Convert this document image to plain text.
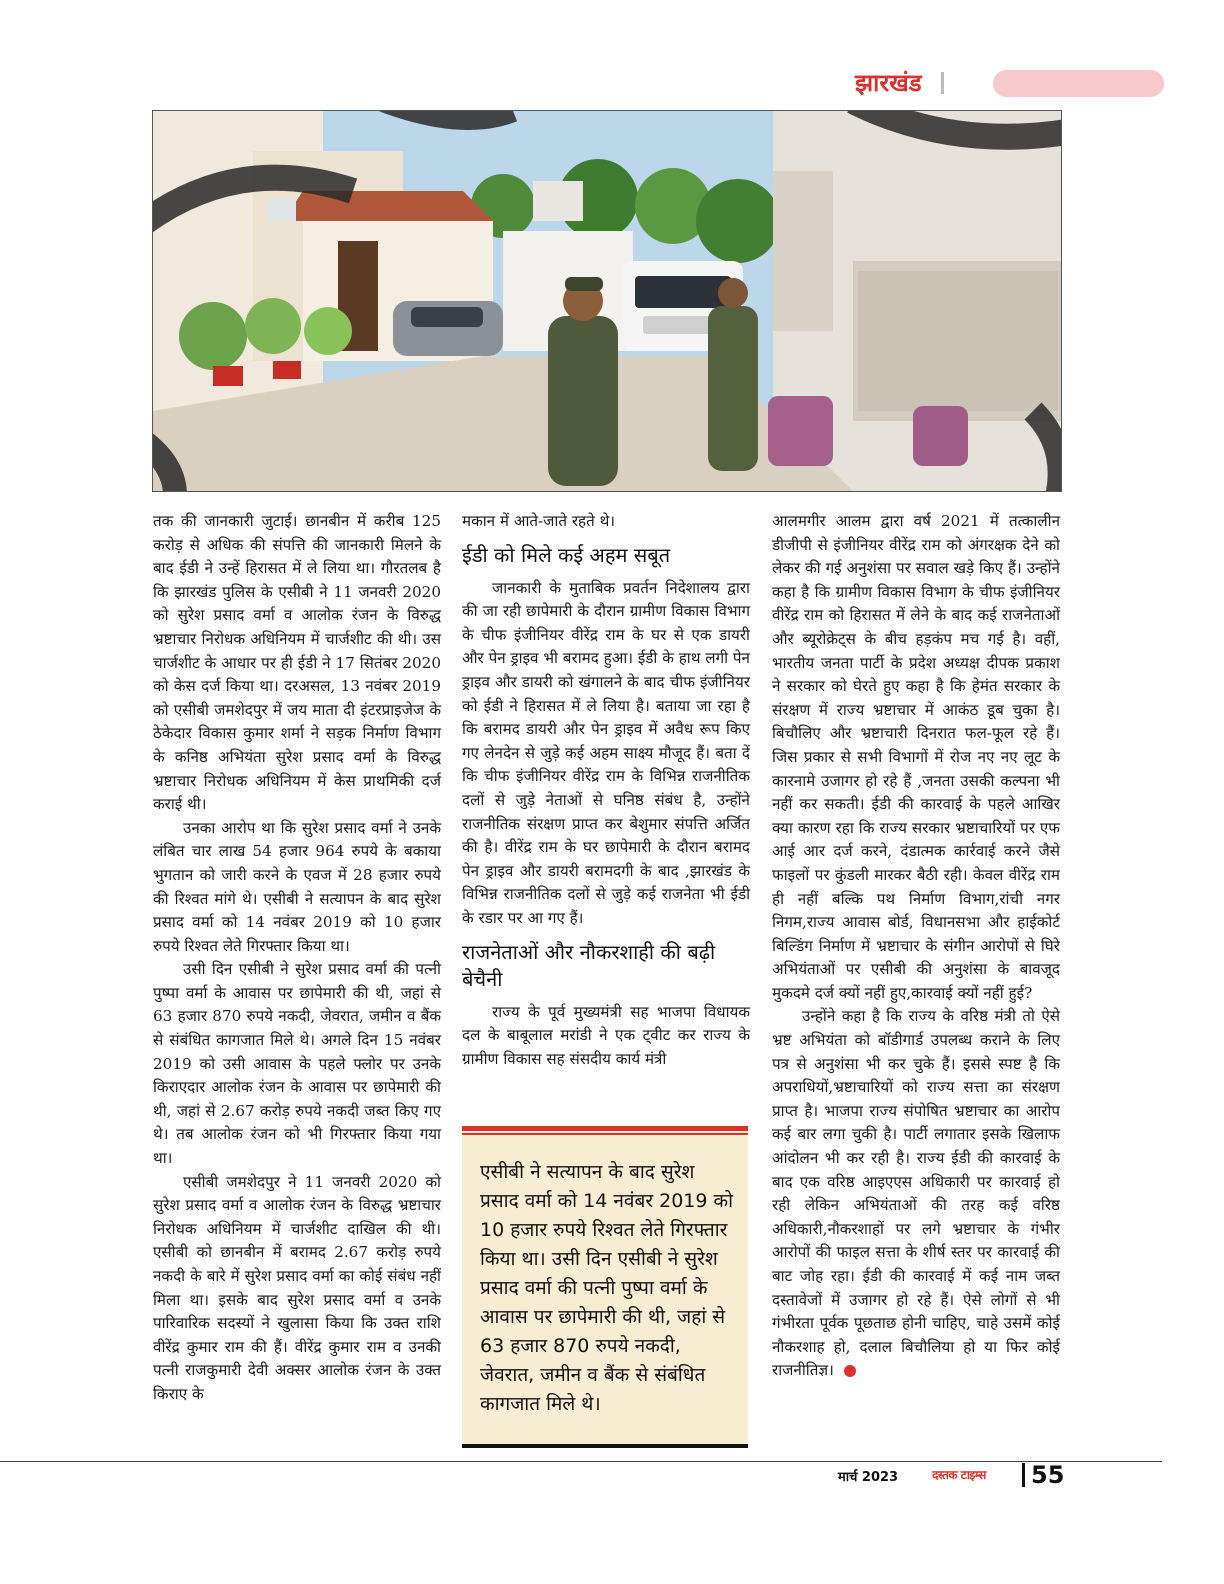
झारखंड

तक की जानकारी जुटाई। छानबीन में करीब 125 करोड़ से अधिक की संपत्ति की जानकारी मिलने के बाद ईडी ने उन्हें हिरासत में ले लिया था। गौरतलब है कि झारखंड पुलिस के एसीबी ने 11 जनवरी 2020 को सुरेश प्रसाद वर्मा व आलोक रंजन के विरुद्ध भ्रष्टाचार निरोधक अधिनियम में चार्जशीट की थी। उस चार्जशीट के आधार पर ही ईडी ने 17 सितंबर 2020 को केस दर्ज किया था। दरअसल, 13 नवंबर 2019 को एसीबी जमशेदपुर में जय माता दी इंटरप्राइजेज के ठेकेदार विकास कुमार शर्मा ने सड़क निर्माण विभाग के कनिष्ठ अभियंता सुरेश प्रसाद वर्मा के विरुद्ध भ्रष्टाचार निरोधक अधिनियम में केस प्राथमिकी दर्ज कराई थी।

उनका आरोप था कि सुरेश प्रसाद वर्मा ने उनके लंबित चार लाख 54 हजार 964 रुपये के बकाया भुगतान को जारी करने के एवज में 28 हजार रुपये की रिश्वत मांगे थे। एसीबी ने सत्यापन के बाद सुरेश प्रसाद वर्मा को 14 नवंबर 2019 को 10 हजार रुपये रिश्वत लेते गिरफ्तार किया था।

उसी दिन एसीबी ने सुरेश प्रसाद वर्मा की पत्नी पुष्पा वर्मा के आवास पर छापेमारी की थी, जहां से 63 हजार 870 रुपये नकदी, जेवरात, जमीन व बैंक से संबंधित कागजात मिले थे। अगले दिन 15 नवंबर 2019 को उसी आवास के पहले फ्लोर पर उनके किराएदार आलोक रंजन के आवास पर छापेमारी की थी, जहां से 2.67 करोड़ रुपये नकदी जब्त किए गए थे। तब आलोक रंजन को भी गिरफ्तार किया गया था।

एसीबी जमशेदपुर ने 11 जनवरी 2020 को सुरेश प्रसाद वर्मा व आलोक रंजन के विरुद्ध भ्रष्टाचार निरोधक अधिनियम में चार्जशीट दाखिल की थी। एसीबी को छानबीन में बरामद 2.67 करोड़ रुपये नकदी के बारे में सुरेश प्रसाद वर्मा का कोई संबंध नहीं मिला था। इसके बाद सुरेश प्रसाद वर्मा व उनके पारिवारिक सदस्यों ने खुलासा किया कि उक्त राशि वीरेंद्र कुमार राम की हैं। वीरेंद्र कुमार राम व उनकी पत्नी राजकुमारी देवी अक्सर आलोक रंजन के उक्त किराए के

मकान में आते-जाते रहते थे।

ईडी को मिले कई अहम सबूत

जानकारी के मुताबिक प्रवर्तन निदेशालय द्वारा की जा रही छापेमारी के दौरान ग्रामीण विकास विभाग के चीफ इंजीनियर वीरेंद्र राम के घर से एक डायरी और पेन ड्राइव भी बरामद हुआ। ईडी के हाथ लगी पेन ड्राइव और डायरी को खंगालने के बाद चीफ इंजीनियर को ईडी ने हिरासत में ले लिया है। बताया जा रहा है कि बरामद डायरी और पेन ड्राइव में अवैध रूप किए गए लेनदेन से जुड़े कई अहम साक्ष्य मौजूद हैं। बता दें कि चीफ इंजीनियर वीरेंद्र राम के विभिन्न राजनीतिक दलों से जुड़े नेताओं से घनिष्ठ संबंध है, उन्होंने राजनीतिक संरक्षण प्राप्त कर बेशुमार संपत्ति अर्जित की है। वीरेंद्र राम के घर छापेमारी के दौरान बरामद पेन ड्राइव और डायरी बरामदगी के बाद ,झारखंड के विभिन्न राजनीतिक दलों से जुड़े कई राजनेता भी ईडी के रडार पर आ गए हैं।

राजनेताओं और नौकरशाही की बढ़ी बेचैनी

राज्य के पूर्व मुख्यमंत्री सह भाजपा विधायक दल के बाबूलाल मरांडी ने एक ट्वीट कर राज्य के ग्रामीण विकास सह संसदीय कार्य मंत्री

एसीबी ने सत्यापन के बाद सुरेश प्रसाद वर्मा को 14 नवंबर 2019 को 10 हजार रुपये रिश्वत लेते गिरफ्तार किया था। उसी दिन एसीबी ने सुरेश प्रसाद वर्मा की पत्नी पुष्पा वर्मा के आवास पर छापेमारी की थी, जहां से 63 हजार 870 रुपये नकदी, जेवरात, जमीन व बैंक से संबंधित कागजात मिले थे।

आलमगीर आलम द्वारा वर्ष 2021 में तत्कालीन डीजीपी से इंजीनियर वीरेंद्र राम को अंगरक्षक देने को लेकर की गई अनुशंसा पर सवाल खड़े किए हैं। उन्होंने कहा है कि ग्रामीण विकास विभाग के चीफ इंजीनियर वीरेंद्र राम को हिरासत में लेने के बाद कई राजनेताओं और ब्यूरोक्रेट्स के बीच हड़कंप मच गई है। वहीं, भारतीय जनता पार्टी के प्रदेश अध्यक्ष दीपक प्रकाश ने सरकार को घेरते हुए कहा है कि हेमंत सरकार के संरक्षण में राज्य भ्रष्टाचार में आकंठ डूब चुका है। बिचौलिए और भ्रष्टाचारी दिनरात फल-फूल रहे हैं। जिस प्रकार से सभी विभागों में रोज नए नए लूट के कारनामे उजागर हो रहे हैं ,जनता उसकी कल्पना भी नहीं कर सकती। ईडी की कारवाई के पहले आखिर क्या कारण रहा कि राज्य सरकार भ्रष्टाचारियों पर एफ आई आर दर्ज करने, दंडात्मक कार्रवाई करने जैसे फाइलों पर कुंडली मारकर बैठी रही। केवल वीरेंद्र राम ही नहीं बल्कि पथ निर्माण विभाग,रांची नगर निगम,राज्य आवास बोर्ड, विधानसभा और हाईकोर्ट बिल्डिंग निर्माण में भ्रष्टाचार के संगीन आरोपों से घिरे अभियंताओं पर एसीबी की अनुशंसा के बावजूद मुकदमे दर्ज क्यों नहीं हुए,कारवाई क्यों नहीं हुई?

उन्होंने कहा है कि राज्य के वरिष्ठ मंत्री तो ऐसे भ्रष्ट अभियंता को बॉडीगार्ड उपलब्ध कराने के लिए पत्र से अनुशंसा भी कर चुके हैं। इससे स्पष्ट है कि अपराधियों,भ्रष्टाचारियों को राज्य सत्ता का संरक्षण प्राप्त है। भाजपा राज्य संपोषित भ्रष्टाचार का आरोप कई बार लगा चुकी है। पार्टी लगातार इसके खिलाफ आंदोलन भी कर रही है। राज्य ईडी की कारवाई के बाद एक वरिष्ठ आइएएस अधिकारी पर कारवाई हो रही लेकिन अभियंताओं की तरह कई वरिष्ठ अधिकारी,नौकरशाहों पर लगे भ्रष्टाचार के गंभीर आरोपों की फाइल सत्ता के शीर्ष स्तर पर कारवाई की बाट जोह रहा। ईडी की कारवाई में कई नाम जब्त दस्तावेजों में उजागर हो रहे हैं। ऐसे लोगों से भी गंभीरता पूर्वक पूछताछ होनी चाहिए, चाहे उसमें कोई नौकरशाह हो, दलाल बिचौलिया हो या फिर कोई राजनीतिज्ञ।

मार्च 2023	दस्तक टाइम्स 55
